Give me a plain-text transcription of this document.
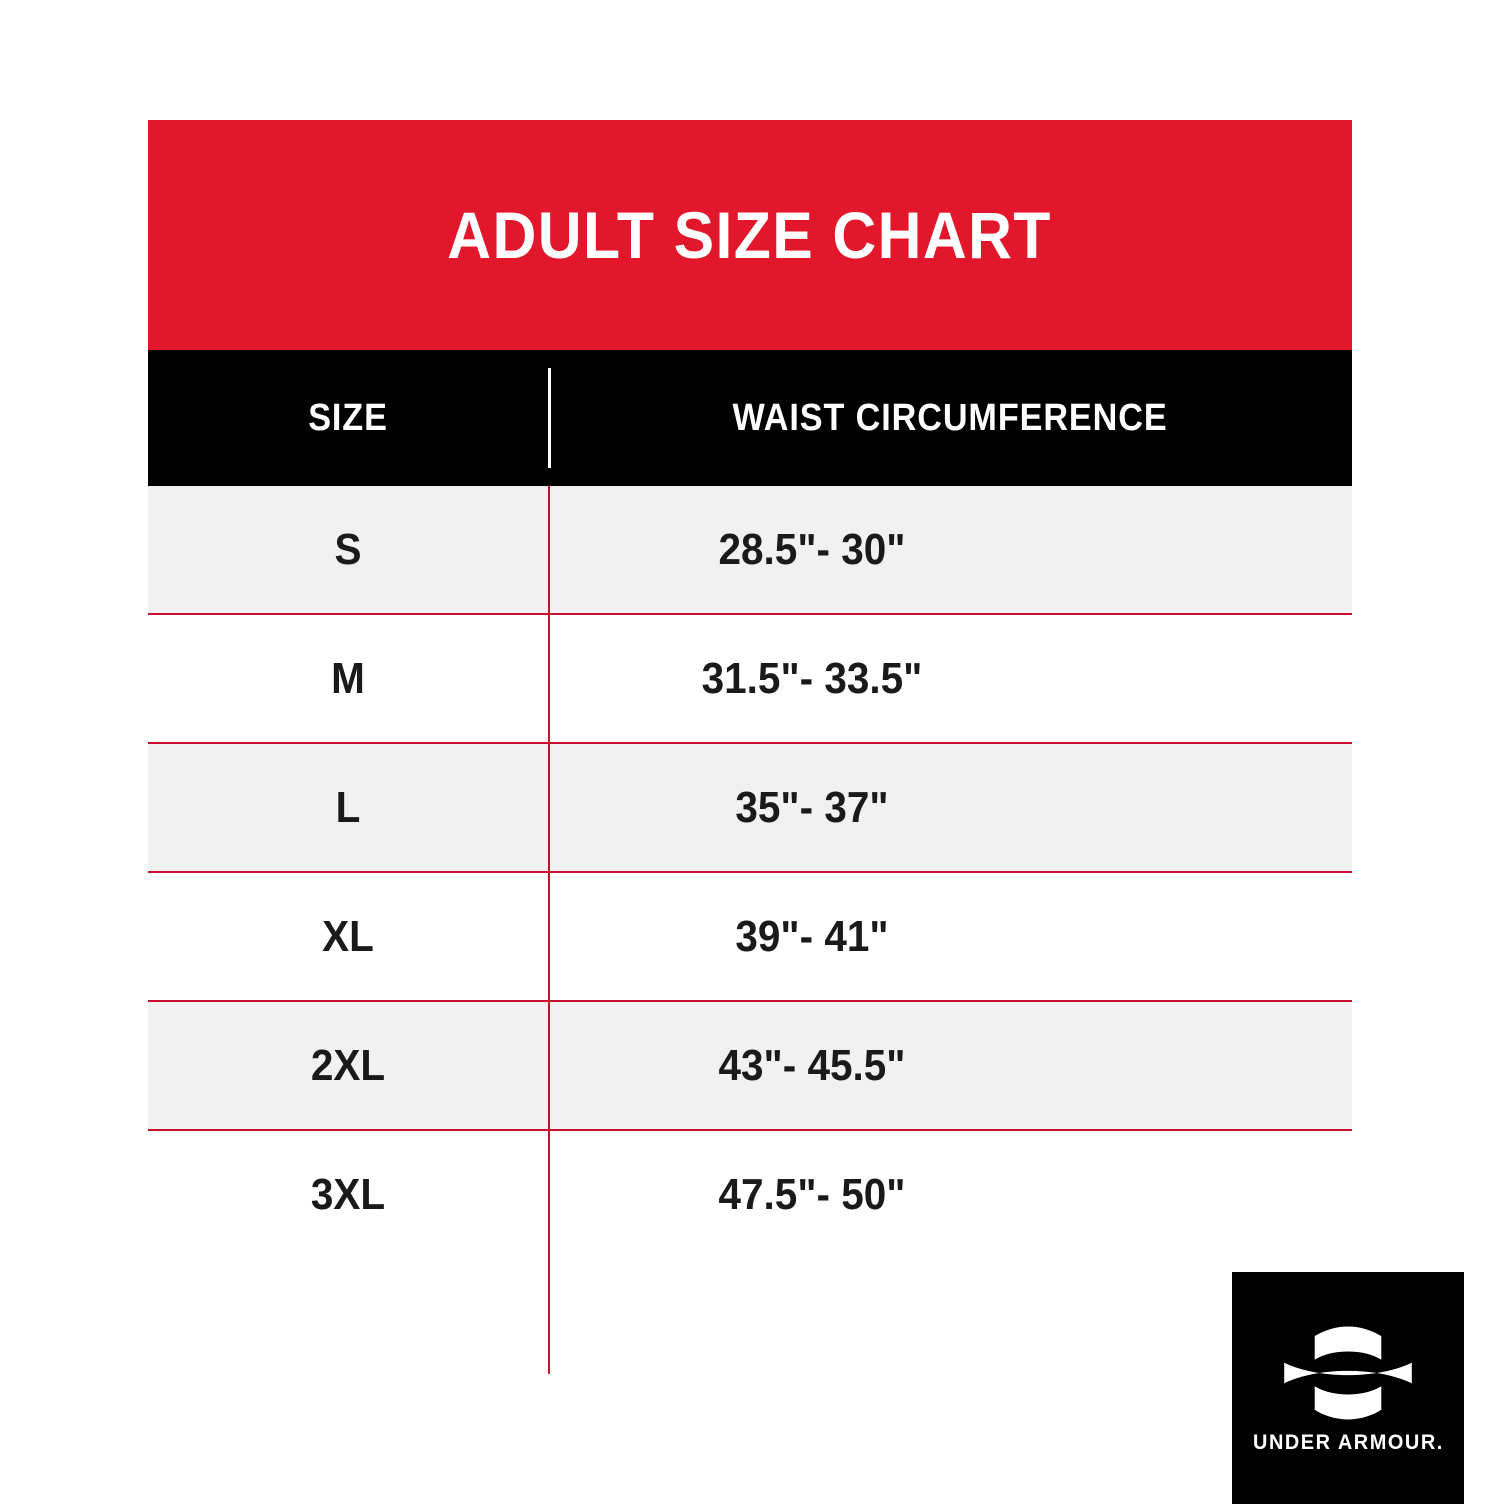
ADULT SIZE CHART
SIZE	WAIST CIRCUMFERENCE
S	28.5"- 30"
M	31.5"- 33.5"
L	35"- 37"
XL	39"- 41"
2XL	43"- 45.5"
3XL	47.5"- 50"
UNDER ARMOUR.
